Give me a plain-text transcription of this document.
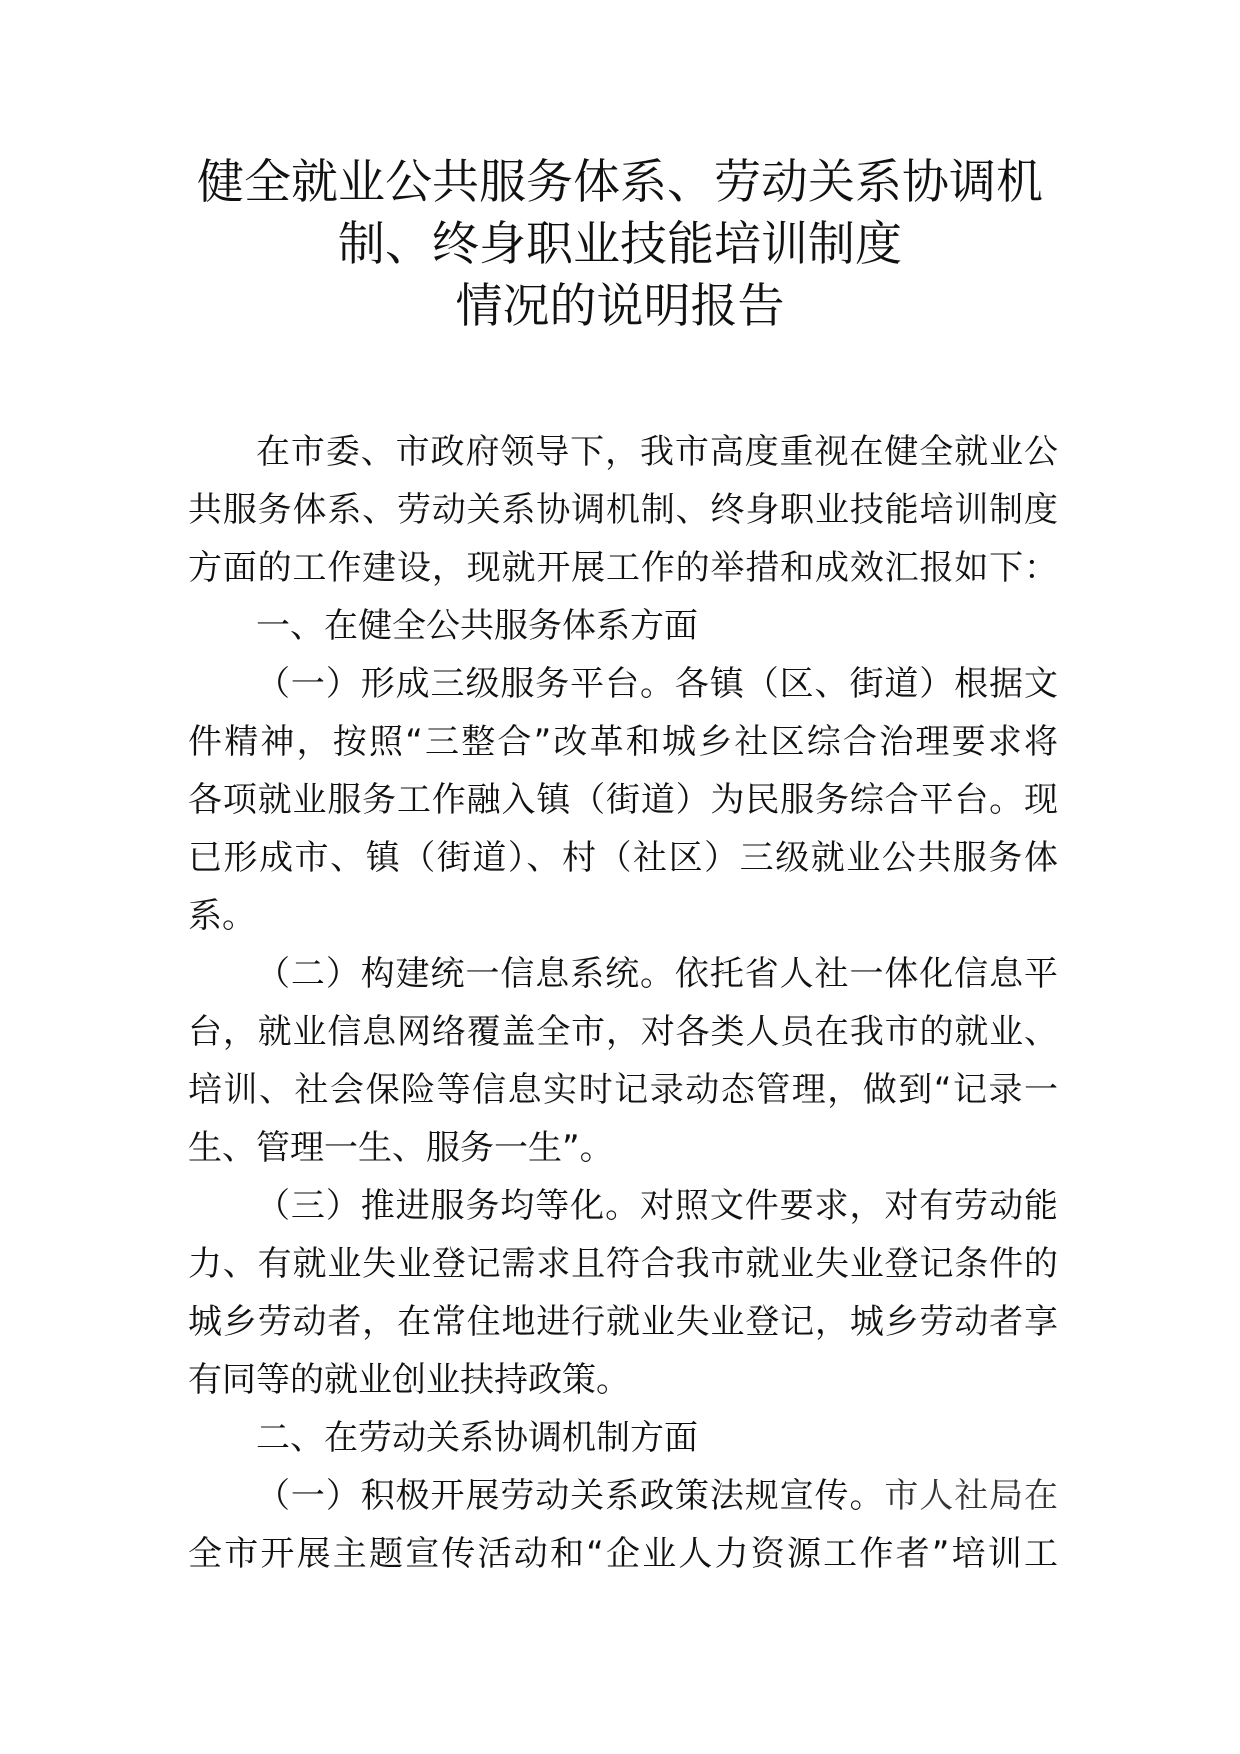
健全就业公共服务体系、劳动关系协调机
制、终身职业技能培训制度
情况的说明报告
在市委、市政府领导下，我市高度重视在健全就业公
共服务体系、劳动关系协调机制、终身职业技能培训制度
方面的工作建设，现就开展工作的举措和成效汇报如下：
一、在健全公共服务体系方面
（一）形成三级服务平台。各镇（区、街道）根据文
件精神，按照“三整合”改革和城乡社区综合治理要求将
各项就业服务工作融入镇（街道）为民服务综合平台。现
已形成市、镇（街道）、村（社区）三级就业公共服务体
系。
（二）构建统一信息系统。依托省人社一体化信息平
台，就业信息网络覆盖全市，对各类人员在我市的就业、
培训、社会保险等信息实时记录动态管理，做到“记录一
生、管理一生、服务一生”。
（三）推进服务均等化。对照文件要求，对有劳动能
力、有就业失业登记需求且符合我市就业失业登记条件的
城乡劳动者，在常住地进行就业失业登记，城乡劳动者享
有同等的就业创业扶持政策。
二、在劳动关系协调机制方面
（一）积极开展劳动关系政策法规宣传。市人社局在
全市开展主题宣传活动和“企业人力资源工作者”培训工
